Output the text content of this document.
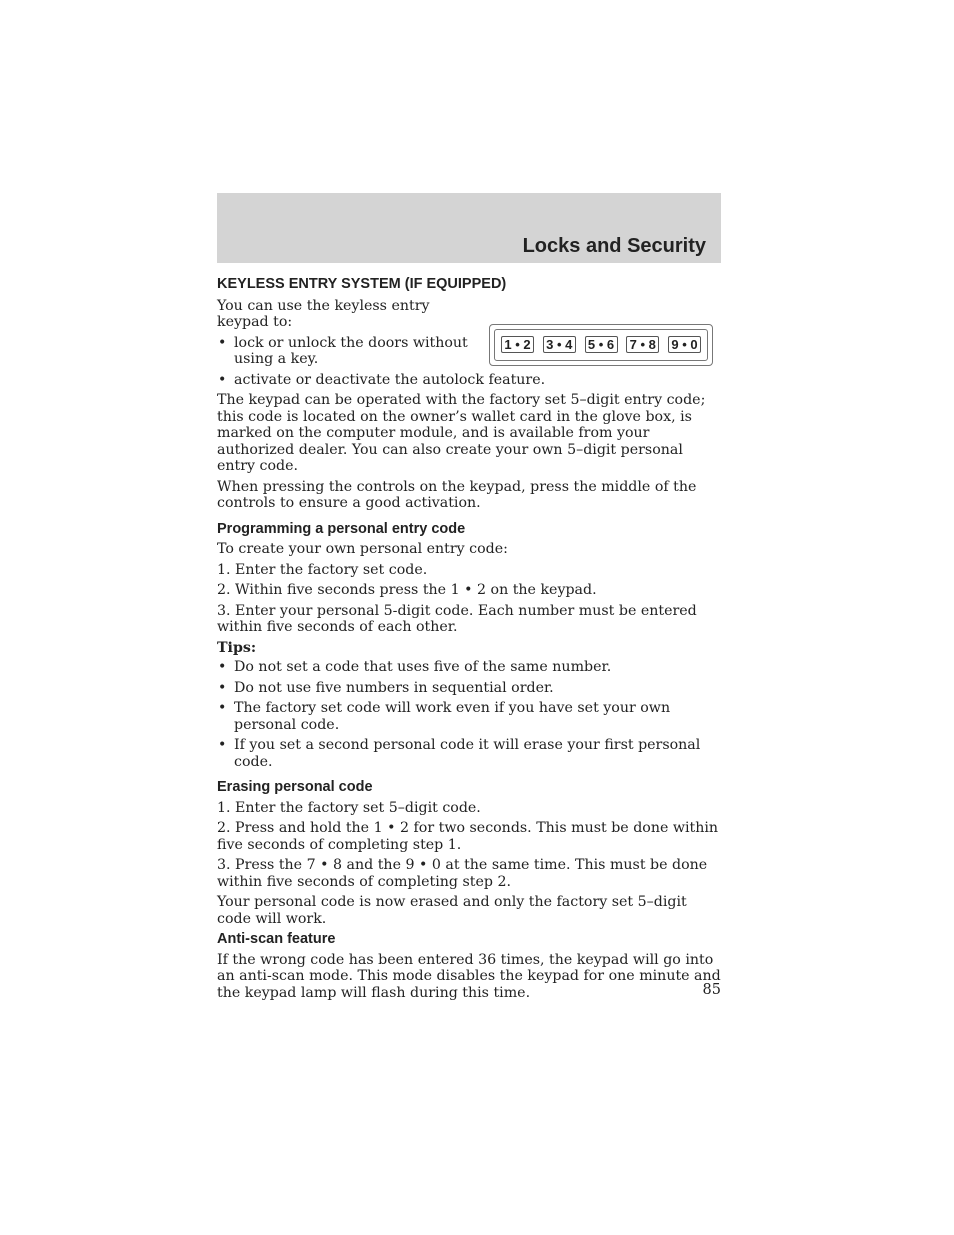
Locks and Security
KEYLESS ENTRY SYSTEM (IF EQUIPPED)

You can use the keyless entry keypad to:

• lock or unlock the doors without using a key.
• activate or deactivate the autolock feature.
1 • 2 3 • 4 5 • 6 7 • 8 9 • 0

The keypad can be operated with the factory set 5–digit entry code; this code is located on the owner’s wallet card in the glove box, is marked on the computer module, and is available from your authorized dealer. You can also create your own 5–digit personal entry code.

When pressing the controls on the keypad, press the middle of the controls to ensure a good activation.

Programming a personal entry code

To create your own personal entry code:

1. Enter the factory set code.

2. Within five seconds press the 1 • 2 on the keypad.

3. Enter your personal 5-digit code. Each number must be entered within five seconds of each other.

Tips:

• Do not set a code that uses five of the same number.
• Do not use five numbers in sequential order.
• The factory set code will work even if you have set your own personal code.
• If you set a second personal code it will erase your first personal code.
Erasing personal code

1. Enter the factory set 5–digit code.

2. Press and hold the 1 • 2 for two seconds. This must be done within five seconds of completing step 1.

3. Press the 7 • 8 and the 9 • 0 at the same time. This must be done within five seconds of completing step 2.

Your personal code is now erased and only the factory set 5–digit code will work.

Anti-scan feature

If the wrong code has been entered 36 times, the keypad will go into an anti-scan mode. This mode disables the keypad for one minute and the keypad lamp will flash during this time.	85
